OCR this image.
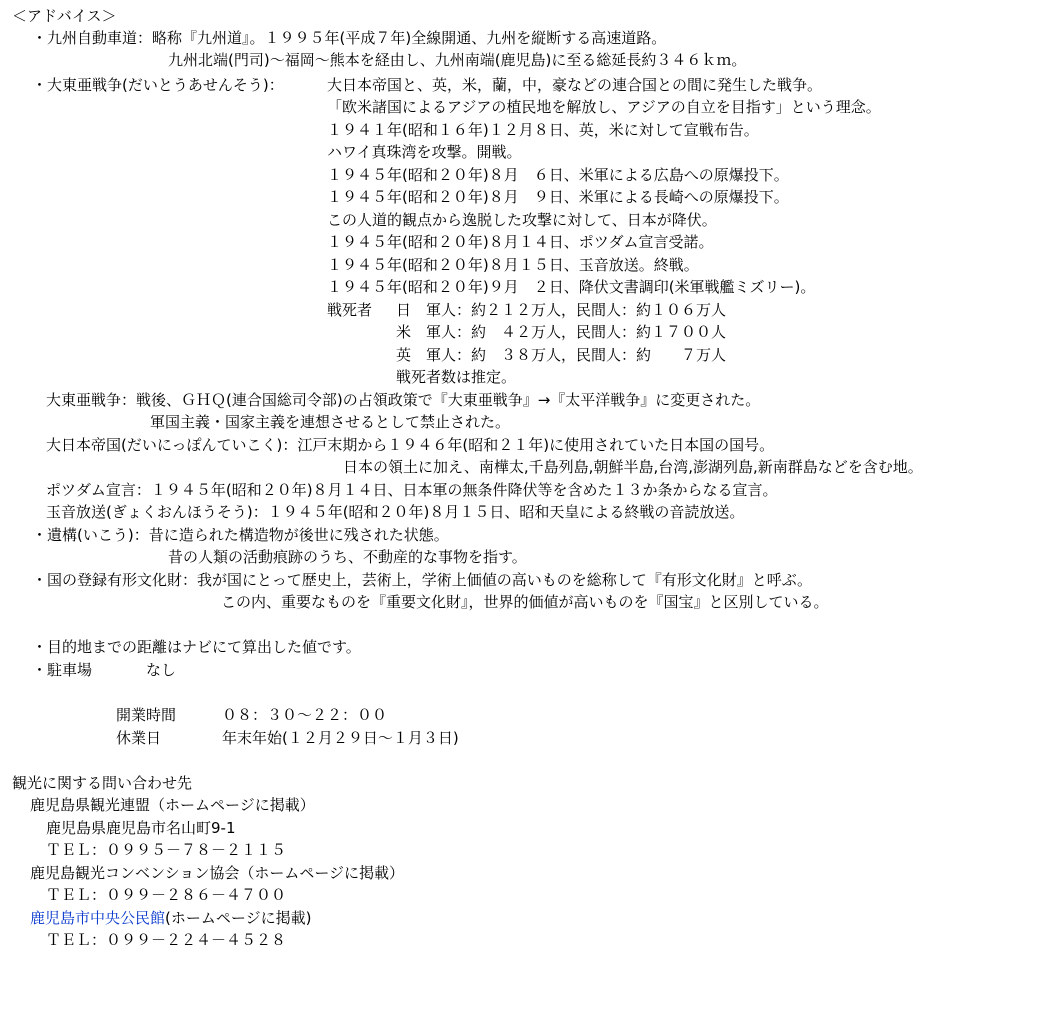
＜アドバイス＞
・九州自動車道：略称『九州道』。１９９５年(平成７年)全線開通、九州を縦断する高速道路。
九州北端(門司)～福岡～熊本を経由し、九州南端(鹿児島)に至る総延長約３４６ｋｍ。
・大東亜戦争(だいとうあせんそう)：	大日本帝国と、英，米，蘭，中，豪などの連合国との間に発生した戦争。
「欧米諸国によるアジアの植民地を解放し、アジアの自立を目指す」という理念。
１９４１年(昭和１６年)１２月８日、英，米に対して宣戦布告。
ハワイ真珠湾を攻撃。開戦。
１９４５年(昭和２０年)８月　６日、米軍による広島への原爆投下。
１９４５年(昭和２０年)８月　９日、米軍による長崎への原爆投下。
この人道的観点から逸脱した攻撃に対して、日本が降伏。
１９４５年(昭和２０年)８月１４日、ポツダム宣言受諾。
１９４５年(昭和２０年)８月１５日、玉音放送。終戦。
１９４５年(昭和２０年)９月　２日、降伏文書調印(米軍戦艦ミズリー)。
戦死者 日　軍人：約２１２万人，民間人：約１０６万人
米　軍人：約　４２万人，民間人：約１７００人
英　軍人：約　３８万人，民間人：約　　７万人
戦死者数は推定。
大東亜戦争：戦後、ＧＨＱ(連合国総司令部)の占領政策で『大東亜戦争』→『太平洋戦争』に変更された。
軍国主義・国家主義を連想させるとして禁止された。
大日本帝国(だいにっぽんていこく)：江戸末期から１９４６年(昭和２１年)に使用されていた日本国の国号。
日本の領土に加え、南樺太,千島列島,朝鮮半島,台湾,澎湖列島,新南群島などを含む地。
ポツダム宣言：１９４５年(昭和２０年)８月１４日、日本軍の無条件降伏等を含めた１３か条からなる宣言。
玉音放送(ぎょくおんほうそう)：１９４５年(昭和２０年)８月１５日、昭和天皇による終戦の音読放送。
・遺構(いこう)：昔に造られた構造物が後世に残された状態。
昔の人類の活動痕跡のうち、不動産的な事物を指す。
・国の登録有形文化財：我が国にとって歴史上，芸術上，学術上価値の高いものを総称して『有形文化財』と呼ぶ。
この内、重要なものを『重要文化財』，世界的価値が高いものを『国宝』と区別している。
・目的地までの距離はナビにて算出した値です。
・駐車場	なし
開業時間	０８：３０～２２：００
休業日	年末年始(１２月２９日～１月３日)
観光に関する問い合わせ先
鹿児島県観光連盟（ホームページに掲載）
鹿児島県鹿児島市名山町9-1
ＴＥＬ：０９９５－７８－２１１５
鹿児島観光コンベンション協会（ホームページに掲載）
ＴＥＬ：０９９－２８６－４７００
鹿児島市中央公民館(ホームページに掲載)
ＴＥＬ：０９９－２２４－４５２８
